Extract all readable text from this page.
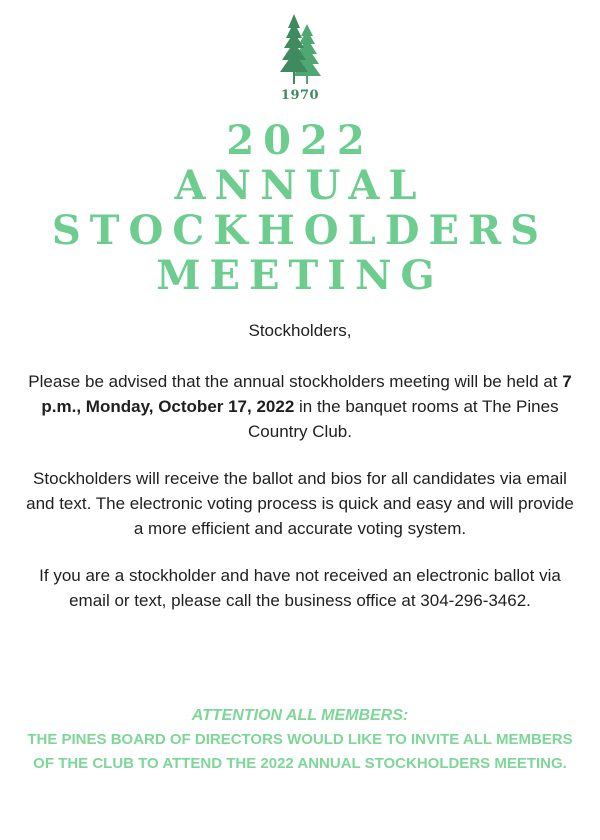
1970
2022
ANNUAL
STOCKHOLDERS
MEETING

Stockholders,

Please be advised that the annual stockholders meeting will be held at 7 p.m., Monday, October 17, 2022 in the banquet rooms at The Pines Country Club.

Stockholders will receive the ballot and bios for all candidates via email and text. The electronic voting process is quick and easy and will provide a more efficient and accurate voting system.

If you are a stockholder and have not received an electronic ballot via email or text, please call the business office at 304-296-3462.

ATTENTION ALL MEMBERS:
THE PINES BOARD OF DIRECTORS WOULD LIKE TO INVITE ALL MEMBERS OF THE CLUB TO ATTEND THE 2022 ANNUAL STOCKHOLDERS MEETING.
